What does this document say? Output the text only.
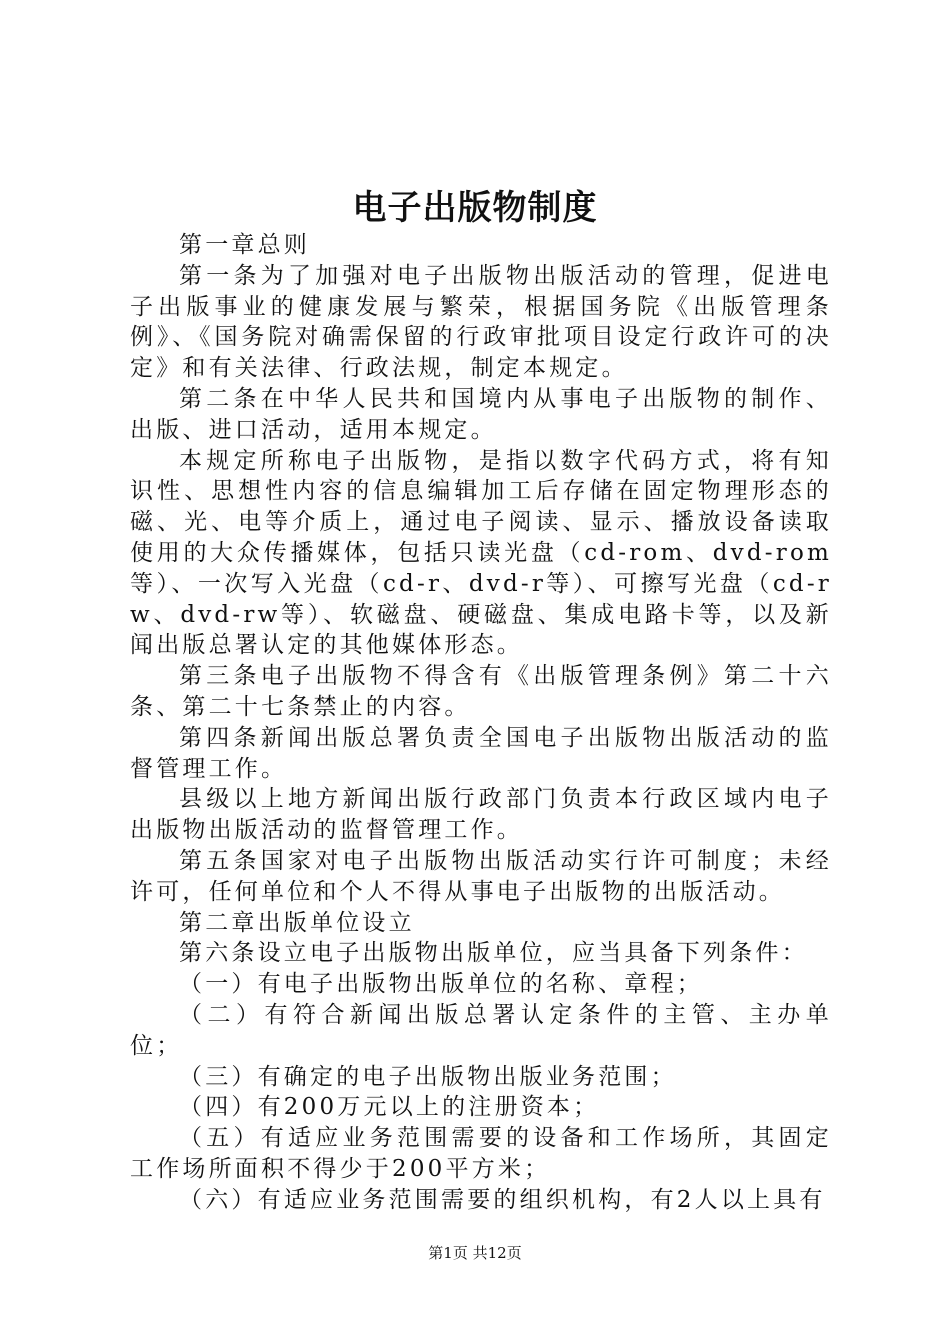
电子出版物制度

第一章总则

第一条为了加强对电子出版物出版活动的管理，促进电子出版事业的健康发展与繁荣，根据国务院《出版管理条例》、《国务院对确需保留的行政审批项目设定行政许可的决定》和有关法律、行政法规，制定本规定。

第二条在中华人民共和国境内从事电子出版物的制作、出版、进口活动，适用本规定。

本规定所称电子出版物，是指以数字代码方式，将有知识性、思想性内容的信息编辑加工后存储在固定物理形态的磁、光、电等介质上，通过电子阅读、显示、播放设备读取使用的大众传播媒体，包括只读光盘（cd-rom、dvd-rom等）、一次写入光盘（cd-r、dvd-r等）、可擦写光盘（cd-rw、dvd-rw等）、软磁盘、硬磁盘、集成电路卡等，以及新闻出版总署认定的其他媒体形态。

第三条电子出版物不得含有《出版管理条例》第二十六条、第二十七条禁止的内容。

第四条新闻出版总署负责全国电子出版物出版活动的监督管理工作。

县级以上地方新闻出版行政部门负责本行政区域内电子出版物出版活动的监督管理工作。

第五条国家对电子出版物出版活动实行许可制度；未经许可，任何单位和个人不得从事电子出版物的出版活动。

第二章出版单位设立

第六条设立电子出版物出版单位，应当具备下列条件：

（一）有电子出版物出版单位的名称、章程；

（二）有符合新闻出版总署认定条件的主管、主办单位；

（三）有确定的电子出版物出版业务范围；

（四）有200万元以上的注册资本；

（五）有适应业务范围需要的设备和工作场所，其固定工作场所面积不得少于200平方米；

（六）有适应业务范围需要的组织机构，有2人以上具有

第1页 共12页
